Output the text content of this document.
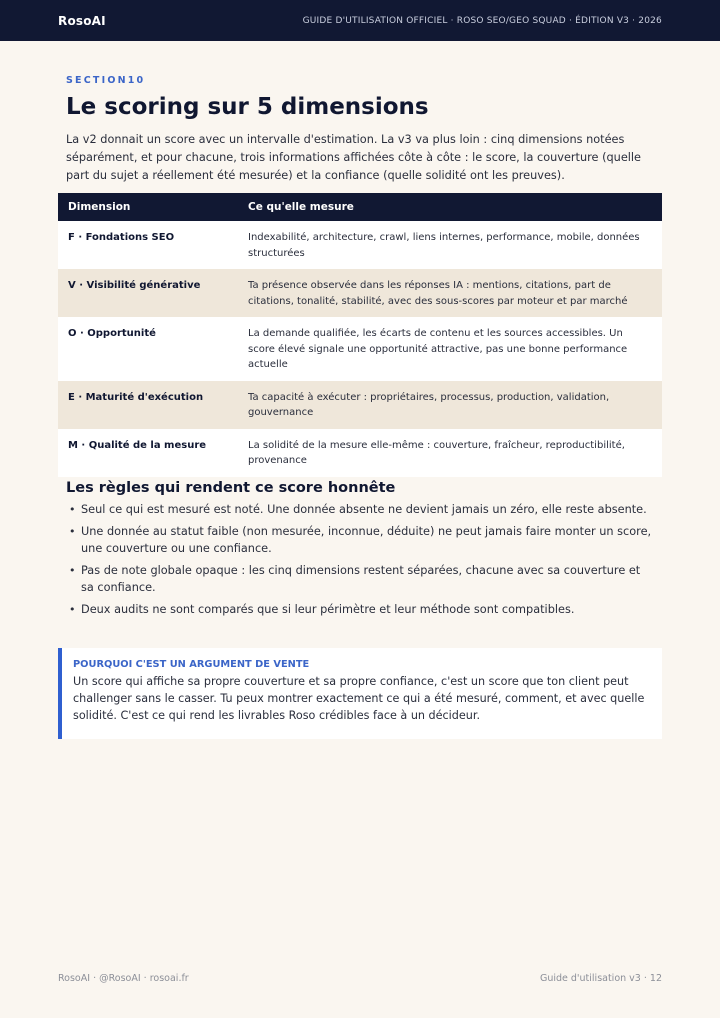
RosoAI	GUIDE D'UTILISATION OFFICIEL · ROSO SEO/GEO SQUAD · ÉDITION V3 · 2026
SECTION10
Le scoring sur 5 dimensions

La v2 donnait un score avec un intervalle d'estimation. La v3 va plus loin : cinq dimensions notées séparément, et pour chacune, trois informations affichées côte à côte : le score, la couverture (quelle part du sujet a réellement été mesurée) et la confiance (quelle solidité ont les preuves).

Dimension	Ce qu'elle mesure
F · Fondations SEO	Indexabilité, architecture, crawl, liens internes, performance, mobile, données structurées
V · Visibilité générative	Ta présence observée dans les réponses IA : mentions, citations, part de citations, tonalité, stabilité, avec des sous-scores par moteur et par marché
O · Opportunité	La demande qualifiée, les écarts de contenu et les sources accessibles. Un score élevé signale une opportunité attractive, pas une bonne performance actuelle
E · Maturité d'exécution	Ta capacité à exécuter : propriétaires, processus, production, validation, gouvernance
M · Qualité de la mesure	La solidité de la mesure elle-même : couverture, fraîcheur, reproductibilité, provenance
Les règles qui rendent ce score honnête
• Seul ce qui est mesuré est noté. Une donnée absente ne devient jamais un zéro, elle reste absente.
• Une donnée au statut faible (non mesurée, inconnue, déduite) ne peut jamais faire monter un score, une couverture ou une confiance.
• Pas de note globale opaque : les cinq dimensions restent séparées, chacune avec sa couverture et sa confiance.
• Deux audits ne sont comparés que si leur périmètre et leur méthode sont compatibles.
POURQUOI C'EST UN ARGUMENT DE VENTE
Un score qui affiche sa propre couverture et sa propre confiance, c'est un score que ton client peut challenger sans le casser. Tu peux montrer exactement ce qui a été mesuré, comment, et avec quelle solidité. C'est ce qui rend les livrables Roso crédibles face à un décideur.
RosoAI · @RosoAI · rosoai.fr	Guide d'utilisation v3 · 12
